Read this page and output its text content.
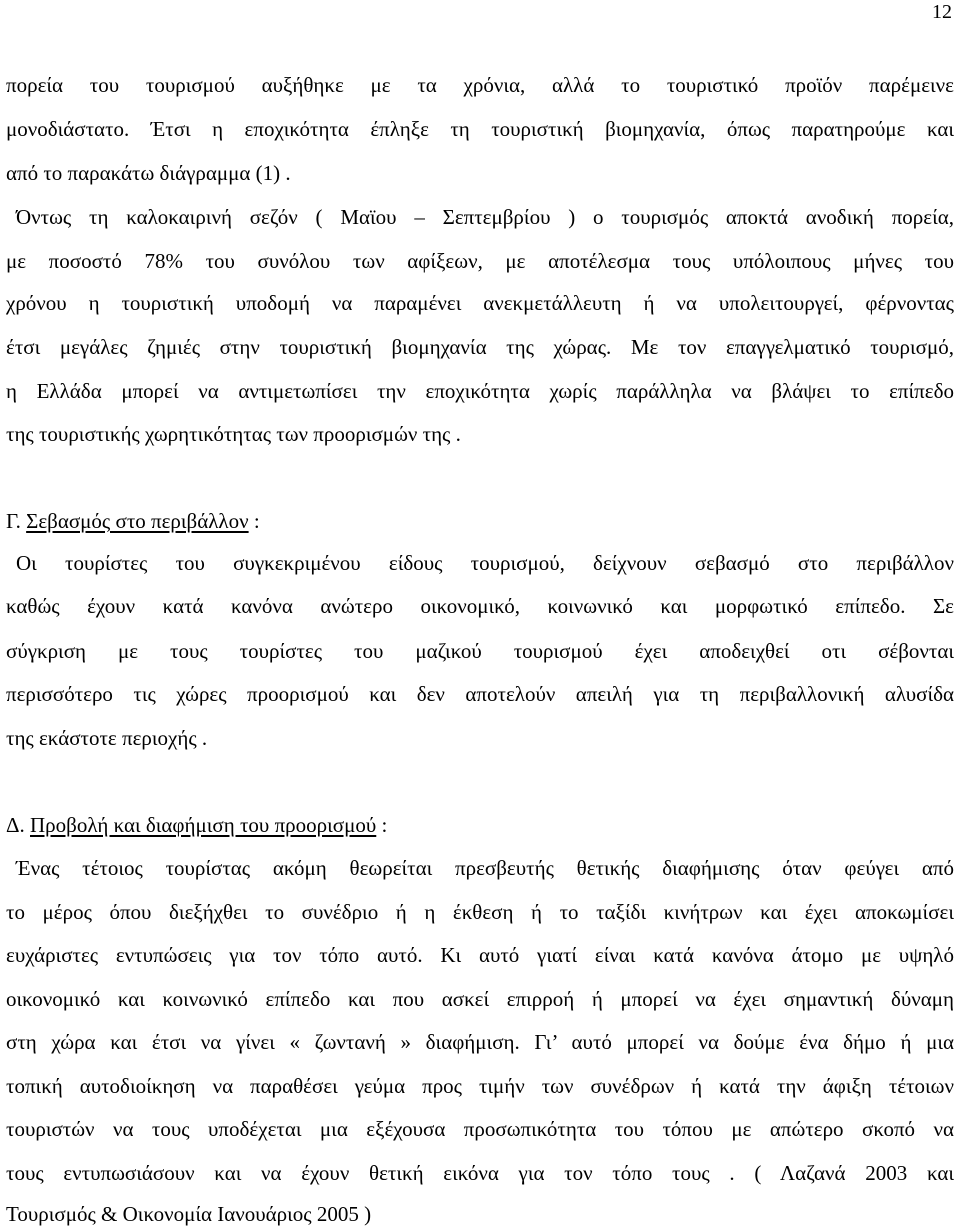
12
πορεία του τουρισμού αυξήθηκε με τα χρόνια, αλλά το τουριστικό προϊόν παρέμεινε
μονοδιάστατο. Έτσι η εποχικότητα έπληξε τη τουριστική βιομηχανία, όπως παρατηρούμε και
από το παρακάτω διάγραμμα (1) .
Όντως τη καλοκαιρινή σεζόν ( Μαϊου – Σεπτεμβρίου ) ο τουρισμός αποκτά ανοδική πορεία,
με ποσοστό 78% του συνόλου των αφίξεων, με αποτέλεσμα τους υπόλοιπους μήνες του
χρόνου η τουριστική υποδομή να παραμένει ανεκμετάλλευτη ή να υπολειτουργεί, φέρνοντας
έτσι μεγάλες ζημιές στην τουριστική βιομηχανία της χώρας. Με τον επαγγελματικό τουρισμό,
η Ελλάδα μπορεί να αντιμετωπίσει την εποχικότητα χωρίς παράλληλα να βλάψει το επίπεδο
της τουριστικής χωρητικότητας των προορισμών της .
Γ. Σεβασμός στο περιβάλλον :
Οι τουρίστες του συγκεκριμένου είδους τουρισμού, δείχνουν σεβασμό στο περιβάλλον
καθώς έχουν κατά κανόνα ανώτερο οικονομικό, κοινωνικό και μορφωτικό επίπεδο. Σε
σύγκριση με τους τουρίστες του μαζικού τουρισμού έχει αποδειχθεί οτι σέβονται
περισσότερο τις χώρες προορισμού και δεν αποτελούν απειλή για τη περιβαλλονική αλυσίδα
της εκάστοτε περιοχής .
Δ. Προβολή και διαφήμιση του προορισμού :
Ένας τέτοιος τουρίστας ακόμη θεωρείται πρεσβευτής θετικής διαφήμισης όταν φεύγει από
το μέρος όπου διεξήχθει το συνέδριο ή η έκθεση ή το ταξίδι κινήτρων και έχει αποκωμίσει
ευχάριστες εντυπώσεις για τον τόπο αυτό. Κι αυτό γιατί είναι κατά κανόνα άτομο με υψηλό
οικονομικό και κοινωνικό επίπεδο και που ασκεί επιρροή ή μπορεί να έχει σημαντική δύναμη
στη χώρα και έτσι να γίνει « ζωντανή » διαφήμιση. Γι’ αυτό μπορεί να δούμε ένα δήμο ή μια
τοπική αυτοδιοίκηση να παραθέσει γεύμα προς τιμήν των συνέδρων ή κατά την άφιξη τέτοιων
τουριστών να τους υποδέχεται μια εξέχουσα προσωπικότητα του τόπου με απώτερο σκοπό να
τους εντυπωσιάσουν και να έχουν θετική εικόνα για τον τόπο τους . ( Λαζανά 2003 και
Τουρισμός & Οικονομία Ιανουάριος 2005 )
